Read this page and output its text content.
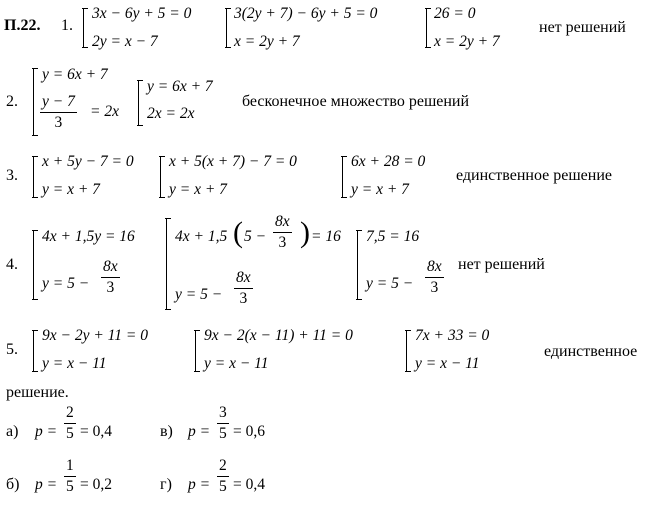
П.22. 1.
3x − 6y + 5 = 0
2y = x − 7
3(2y + 7) − 6y + 5 = 0
x = 2y + 7
26 = 0
x = 2y + 7
нет решений
2.
y = 6x + 7
y − 7
3
= 2x
y = 6x + 7
2x = 2x
бесконечное множество решений
3.
x + 5y − 7 = 0
y = x + 7
x + 5(x + 7) − 7 = 0
y = x + 7
6x + 28 = 0
y = x + 7
единственное решение
4.
4x + 1,5y = 16
y = 5 −
8x
3
4x + 1,5 ( 5 −
8x
3 ) = 16
y = 5 −
8x
3
7,5 = 16
y = 5 −
8x
3
нет решений
5.
9x − 2y + 11 = 0
y = x − 11
9x − 2(x − 11) + 11 = 0
y = x − 11
7x + 33 = 0
y = x − 11
единственное
решение.
а) p =
2
5 = 0,4	в) p =
3
5 = 0,6
б) p =
1
5 = 0,2	г) p =
2
5 = 0,4
